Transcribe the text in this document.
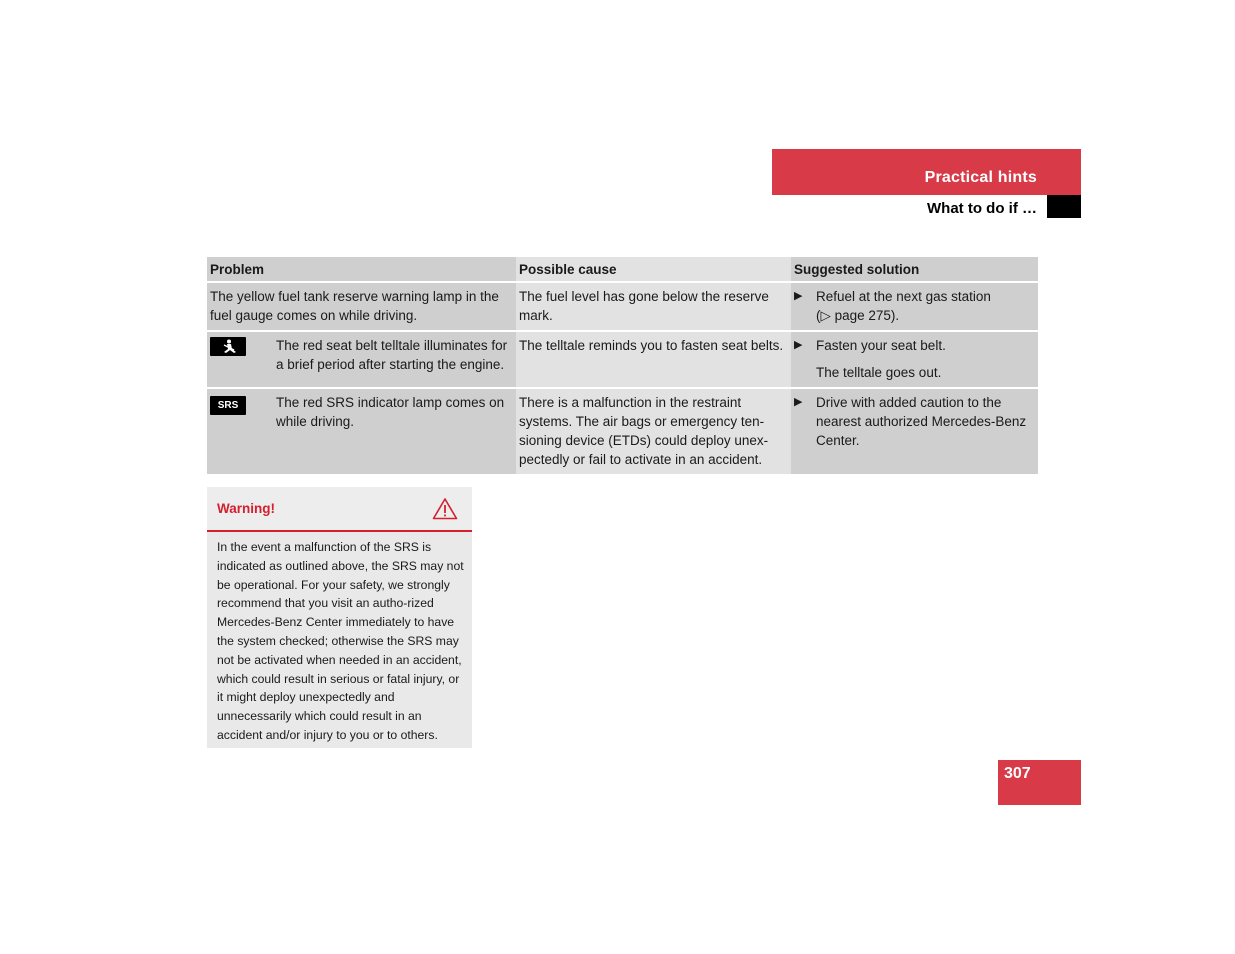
Practical hints
What to do if …
Problem	Possible cause	Suggested solution
The yellow fuel tank reserve warning lamp in the fuel gauge comes on while driving.	The fuel level has gone below the reserve mark.	▶ Refuel at the next gas station
(▷ page 275).

The red seat belt telltale illuminates for a brief period after starting the engine.	The telltale reminds you to fasten seat belts.	▶ Fasten your seat belt.
The telltale goes out.

SRS The red SRS indicator lamp comes on while driving.	There is a malfunction in the restraint systems. The air bags or emergency ten-sioning device (ETDs) could deploy unex-pectedly or fail to activate in an accident.	▶ Drive with added caution to the nearest authorized Mercedes-Benz Center.
Warning!
In the event a malfunction of the SRS is indicated as outlined above, the SRS may not be operational. For your safety, we strongly recommend that you visit an autho-rized Mercedes-Benz Center immediately to have the system checked; otherwise the SRS may not be activated when needed in an accident, which could result in serious or fatal injury, or it might deploy unexpectedly and unnecessarily which could result in an accident and/or injury to you or to others.
307
